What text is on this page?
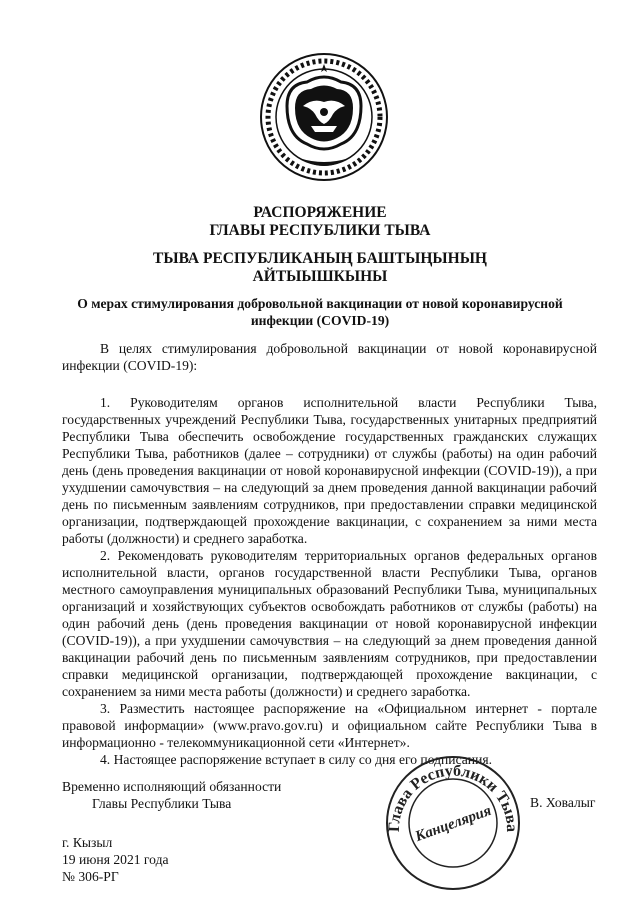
РАСПОРЯЖЕНИЕ
ГЛАВЫ РЕСПУБЛИКИ ТЫВА
ТЫВА РЕСПУБЛИКАНЫҢ БАШТЫҢЫНЫҢ
АЙТЫЫШКЫНЫ
О мерах стимулирования добровольной вакцинации от новой коронавирусной
инфекции (COVID-19)

В целях стимулирования добровольной вакцинации от новой коронавирусной инфекции (COVID-19):

1. Руководителям органов исполнительной власти Республики Тыва, государственных учреждений Республики Тыва, государственных унитарных предприятий Республики Тыва обеспечить освобождение государственных гражданских служащих Республики Тыва, работников (далее – сотрудники) от службы (работы) на один рабочий день (день проведения вакцинации от новой коронавирусной инфекции (COVID-19)), а при ухудшении самочувствия – на следующий за днем проведения данной вакцинации рабочий день по письменным заявлениям сотрудников, при предоставлении справки медицинской организации, подтверждающей прохождение вакцинации, с сохранением за ними места работы (должности) и среднего заработка.

2. Рекомендовать руководителям территориальных органов федеральных органов исполнительной власти, органов государственной власти Республики Тыва, органов местного самоуправления муниципальных образований Республики Тыва, муниципальных организаций и хозяйствующих субъектов освобождать работников от службы (работы) на один рабочий день (день проведения вакцинации от новой коронавирусной инфекции (COVID-19)), а при ухудшении самочувствия – на следующий за днем проведения данной вакцинации рабочий день по письменным заявлениям сотрудников, при предоставлении справки медицинской организации, подтверждающей прохождение вакцинации, с сохранением за ними места работы (должности) и среднего заработка.

3. Разместить настоящее распоряжение на «Официальном интернет - портале правовой информации» (www.pravo.gov.ru) и официальном сайте Республики Тыва в информационно - телекоммуникационной сети «Интернет».

4. Настоящее распоряжение вступает в силу со дня его подписания.

Временно исполняющий обязанности
Главы Республики Тыва
Глава Республики Тыва
Канцелярия
В. Ховалыг
г. Кызыл
19 июня 2021 года
№ 306-РГ
